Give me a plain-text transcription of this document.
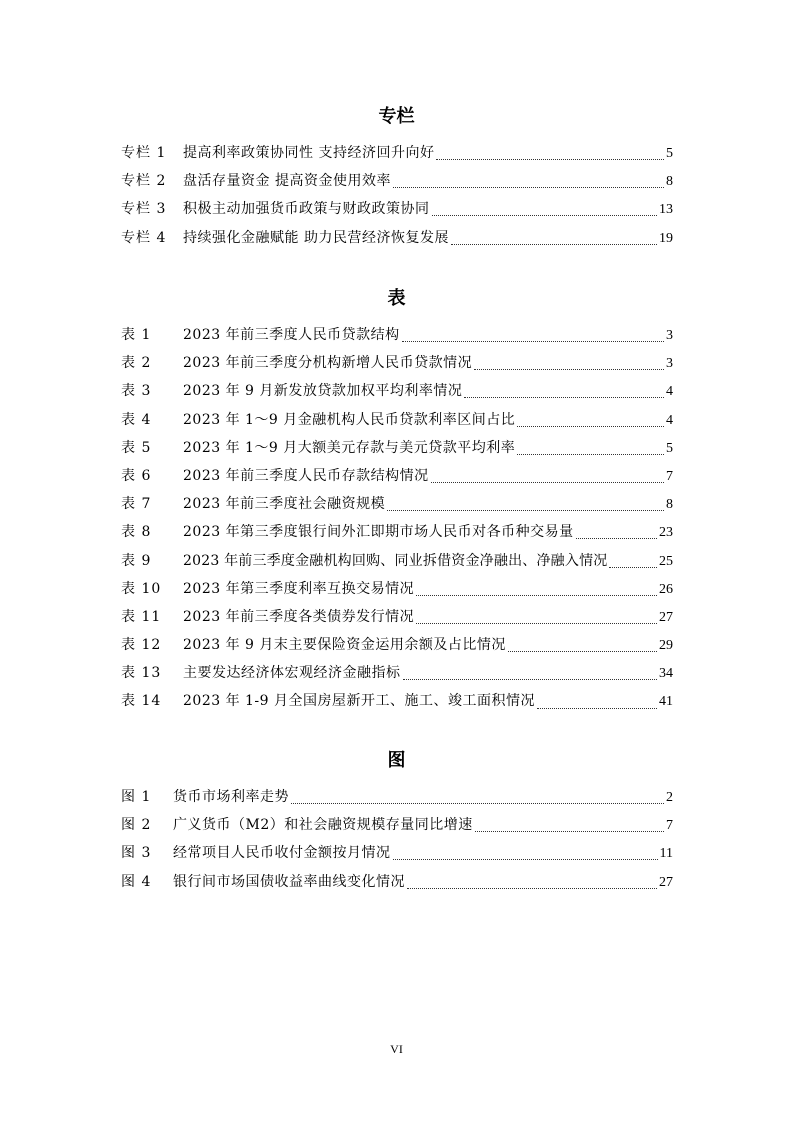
专栏
专栏 1	提高利率政策协同性 支持经济回升向好	5
专栏 2	盘活存量资金 提高资金使用效率	8
专栏 3	积极主动加强货币政策与财政政策协同	13
专栏 4	持续强化金融赋能 助力民营经济恢复发展	19
表
表 1	2023 年前三季度人民币贷款结构	3
表 2	2023 年前三季度分机构新增人民币贷款情况	3
表 3	2023 年 9 月新发放贷款加权平均利率情况	4
表 4	2023 年 1～9 月金融机构人民币贷款利率区间占比	4
表 5	2023 年 1～9 月大额美元存款与美元贷款平均利率	5
表 6	2023 年前三季度人民币存款结构情况	7
表 7	2023 年前三季度社会融资规模	8
表 8	2023 年第三季度银行间外汇即期市场人民币对各币种交易量	23
表 9	2023 年前三季度金融机构回购、同业拆借资金净融出、净融入情况	25
表 10	2023 年第三季度利率互换交易情况	26
表 11	2023 年前三季度各类债券发行情况	27
表 12	2023 年 9 月末主要保险资金运用余额及占比情况	29
表 13	主要发达经济体宏观经济金融指标	34
表 14	2023 年 1-9 月全国房屋新开工、施工、竣工面积情况	41
图
图 1	货币市场利率走势	2
图 2	广义货币（M2）和社会融资规模存量同比增速	7
图 3	经常项目人民币收付金额按月情况	11
图 4	银行间市场国债收益率曲线变化情况	27
VI
